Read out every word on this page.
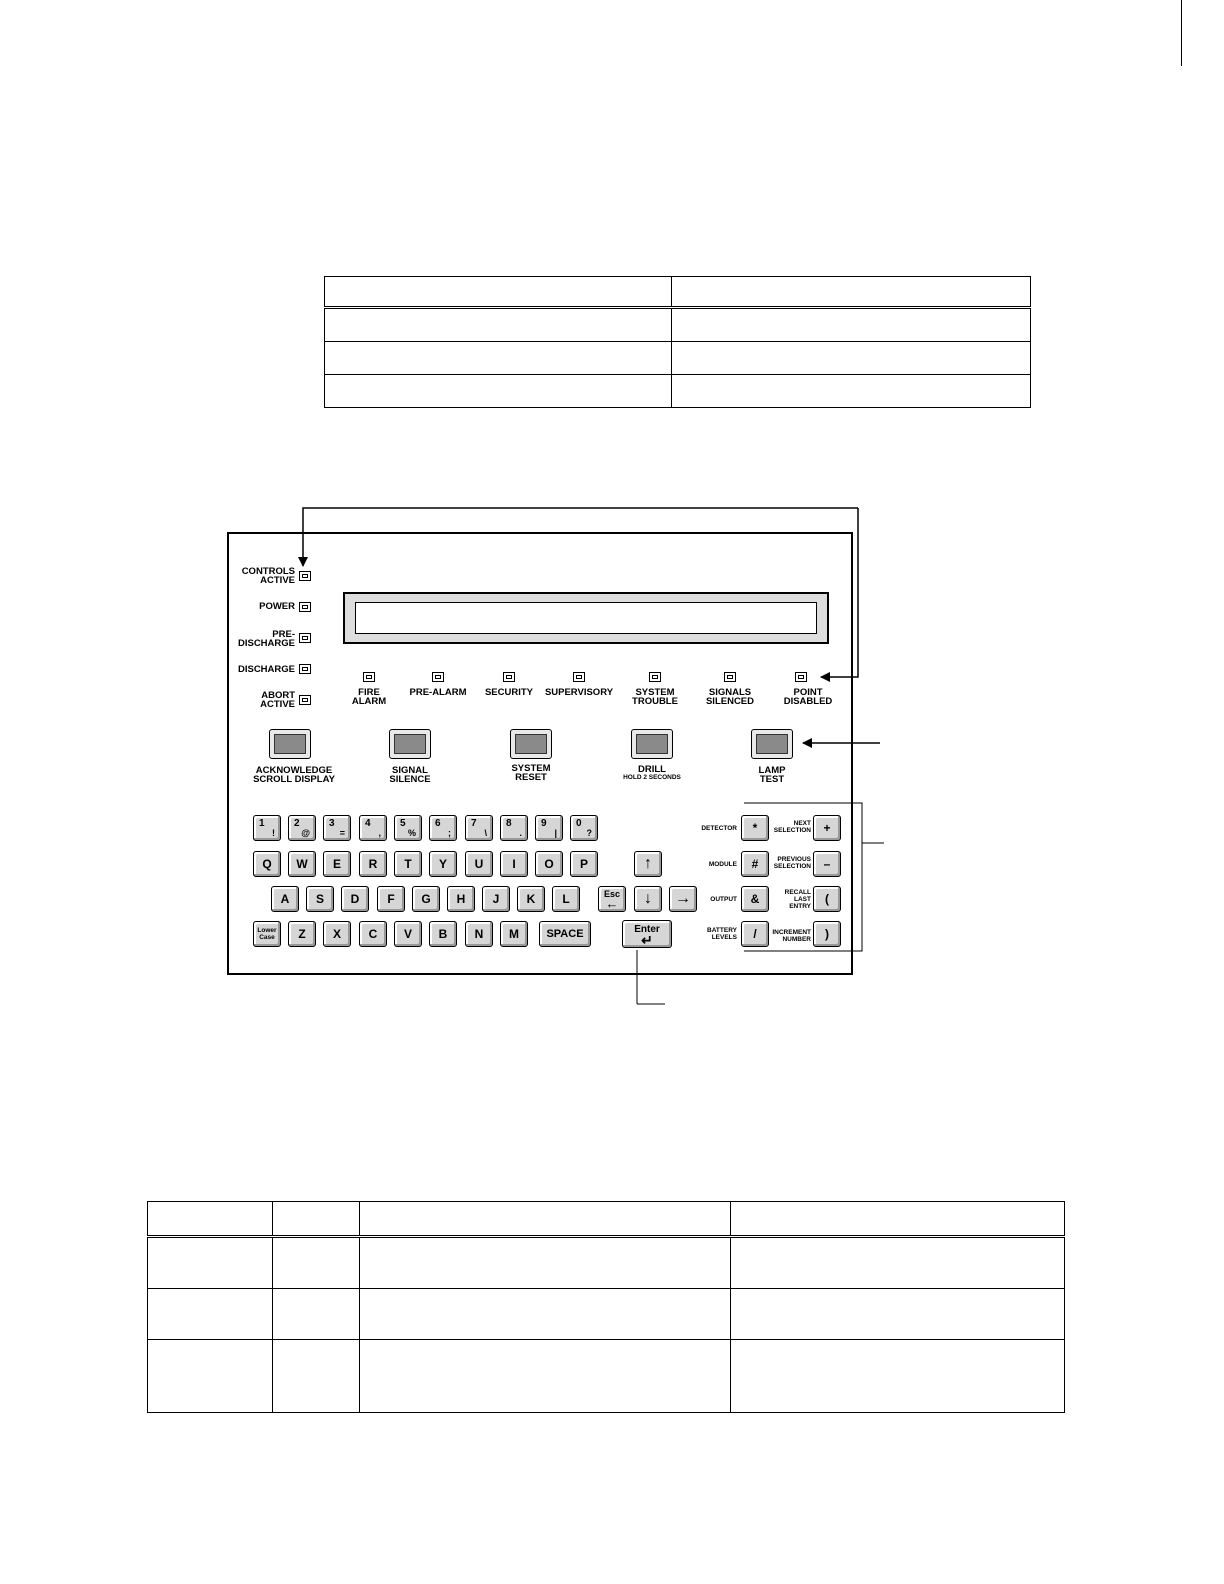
CONTROLS
ACTIVE
POWER
PRE-
DISCHARGE
DISCHARGE
ABORT
ACTIVE
FIRE
ALARM
PRE-ALARM	SECURITY	SUPERVISORY	SYSTEM
TROUBLE
SIGNALS
SILENCED
POINT
DISABLED
ACKNOWLEDGE
SCROLL DISPLAY
SIGNAL
SILENCE
SYSTEM
RESET
DRILL
HOLD 2 SECONDS
LAMP
TEST
1
!
2
@
3
=
4
,
5
%
6
;
7
\
8
.
9
|
0
?
Q	W	E	R	T	Y	U	I	O	P
A	S	D	F	G	H	J	K	L
Lower
Case	Z	X	C	V	B	N	M	SPACE
↑
Esc
←	↓	→
Enter
↵
DETECTOR	*	NEXT
SELECTION	+
MODULE	#	PREVIOUS
SELECTION	–
OUTPUT	&	RECALL
LAST
ENTRY
(
BATTERY
LEVELS	/	INCREMENT
NUMBER	)
